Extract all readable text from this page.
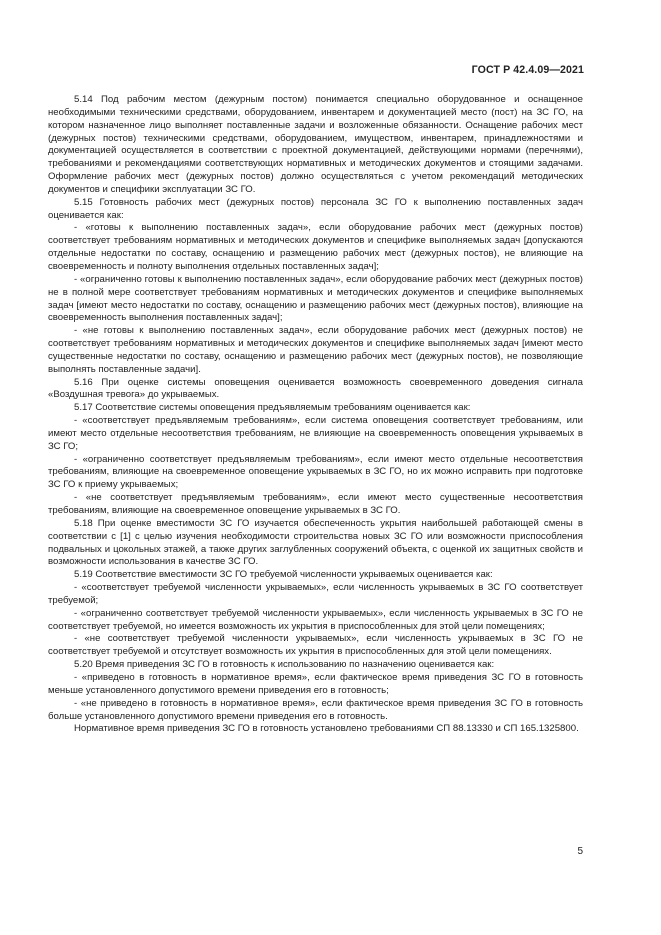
ГОСТ Р 42.4.09—2021

5.14 Под рабочим местом (дежурным постом) понимается специально оборудованное и оснащенное необходимыми техническими средствами, оборудованием, инвентарем и документацией место (пост) на ЗС ГО, на котором назначенное лицо выполняет поставленные задачи и возложенные обязанности. Оснащение рабочих мест (дежурных постов) техническими средствами, оборудованием, имуществом, инвентарем, принадлежностями и документацией осуществляется в соответствии с проектной документацией, действующими нормами (перечнями), требованиями и рекомендациями соответствующих нормативных и методических документов и стоящими задачами. Оформление рабочих мест (дежурных постов) должно осуществляться с учетом рекомендаций методических документов и специфики эксплуатации ЗС ГО.

5.15 Готовность рабочих мест (дежурных постов) персонала ЗС ГО к выполнению поставленных задач оценивается как:

- «готовы к выполнению поставленных задач», если оборудование рабочих мест (дежурных постов) соответствует требованиям нормативных и методических документов и специфике выполняемых задач [допускаются отдельные недостатки по составу, оснащению и размещению рабочих мест (дежурных постов), не влияющие на своевременность и полноту выполнения отдельных поставленных задач];

- «ограниченно готовы к выполнению поставленных задач», если оборудование рабочих мест (дежурных постов) не в полной мере соответствует требованиям нормативных и методических документов и специфике выполняемых задач [имеют место недостатки по составу, оснащению и размещению рабочих мест (дежурных постов), влияющие на своевременность выполнения поставленных задач];

- «не готовы к выполнению поставленных задач», если оборудование рабочих мест (дежурных постов) не соответствует требованиям нормативных и методических документов и специфике выполняемых задач [имеют место существенные недостатки по составу, оснащению и размещению рабочих мест (дежурных постов), не позволяющие выполнять поставленные задачи].

5.16 При оценке системы оповещения оценивается возможность своевременного доведения сигнала «Воздушная тревога» до укрываемых.

5.17 Соответствие системы оповещения предъявляемым требованиям оценивается как:

- «соответствует предъявляемым требованиям», если система оповещения соответствует требованиям, или имеют место отдельные несоответствия требованиям, не влияющие на своевременность оповещения укрываемых в ЗС ГО;

- «ограниченно соответствует предъявляемым требованиям», если имеют место отдельные несоответствия требованиям, влияющие на своевременное оповещение укрываемых в ЗС ГО, но их можно исправить при подготовке ЗС ГО к приему укрываемых;

- «не соответствует предъявляемым требованиям», если имеют место существенные несоответствия требованиям, влияющие на своевременное оповещение укрываемых в ЗС ГО.

5.18 При оценке вместимости ЗС ГО изучается обеспеченность укрытия наибольшей работающей смены в соответствии с [1] с целью изучения необходимости строительства новых ЗС ГО или возможности приспособления подвальных и цокольных этажей, а также других заглубленных сооружений объекта, с оценкой их защитных свойств и возможности использования в качестве ЗС ГО.

5.19 Соответствие вместимости ЗС ГО требуемой численности укрываемых оценивается как:

- «соответствует требуемой численности укрываемых», если численность укрываемых в ЗС ГО соответствует требуемой;

- «ограниченно соответствует требуемой численности укрываемых», если численность укрываемых в ЗС ГО не соответствует требуемой, но имеется возможность их укрытия в приспособленных для этой цели помещениях;

- «не соответствует требуемой численности укрываемых», если численность укрываемых в ЗС ГО не соответствует требуемой и отсутствует возможность их укрытия в приспособленных для этой цели помещениях.

5.20 Время приведения ЗС ГО в готовность к использованию по назначению оценивается как:

- «приведено в готовность в нормативное время», если фактическое время приведения ЗС ГО в готовность меньше установленного допустимого времени приведения его в готовность;

- «не приведено в готовность в нормативное время», если фактическое время приведения ЗС ГО в готовность больше установленного допустимого времени приведения его в готовность.

Нормативное время приведения ЗС ГО в готовность установлено требованиями СП 88.13330 и СП 165.1325800.

5
